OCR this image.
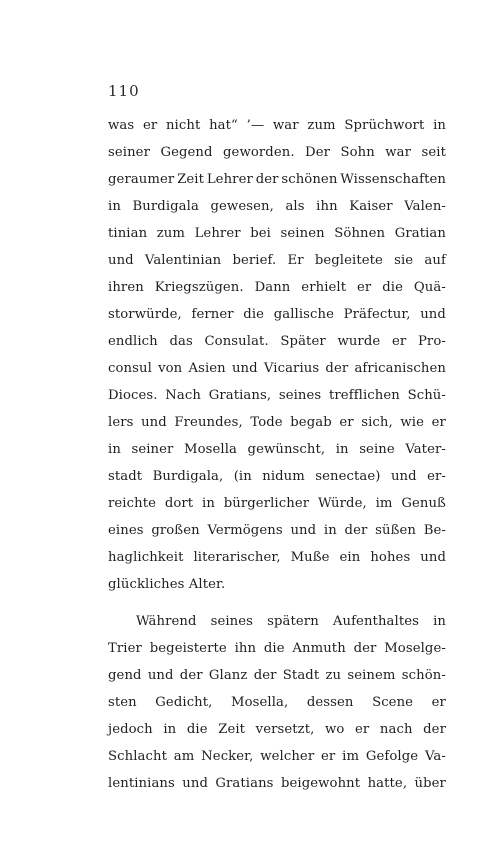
110
was er nicht hat“ ’— war zum Sprüchwort in
seiner Gegend geworden. Der Sohn war seit
geraumer Zeit Lehrer der schönen Wissenschaften
in Burdigala gewesen, als ihn Kaiser Valen-
tinian zum Lehrer bei seinen Söhnen Gratian
und Valentinian berief. Er begleitete sie auf
ihren Kriegszügen. Dann erhielt er die Quä-
storwürde, ferner die gallische Präfectur, und
endlich das Consulat. Später wurde er Pro-
consul von Asien und Vicarius der africanischen
Dioces. Nach Gratians, seines trefflichen Schü-
lers und Freundes, Tode begab er sich, wie er
in seiner Mosella gewünscht, in seine Vater-
stadt Burdigala, (in nidum senectae) und er-
reichte dort in bürgerlicher Würde, im Genuß
eines großen Vermögens und in der süßen Be-
haglichkeit literarischer, Muße ein hohes und
glückliches Alter.
Während seines spätern Aufenthaltes in
Trier begeisterte ihn die Anmuth der Moselge-
gend und der Glanz der Stadt zu seinem schön-
sten Gedicht, Mosella, dessen Scene er
jedoch in die Zeit versetzt, wo er nach der
Schlacht am Necker, welcher er im Gefolge Va-
lentinians und Gratians beigewohnt hatte, über
